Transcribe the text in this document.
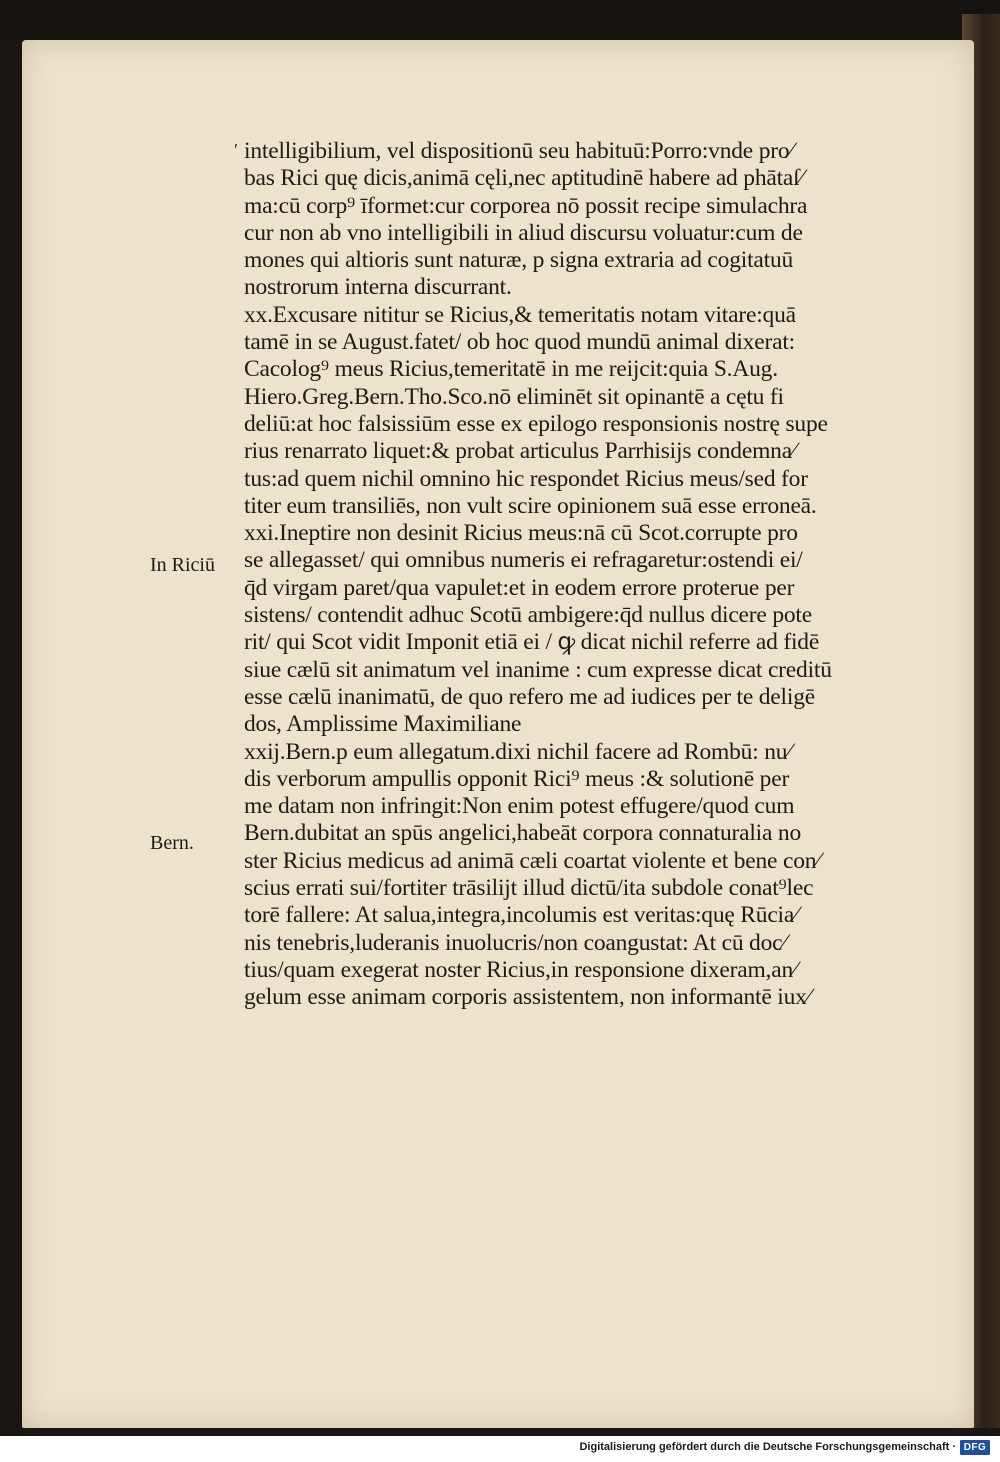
′
In Riciū
Bern.
intelligibilium, vel dispositionū seu habituū:Porro:vnde pro∕
bas Rici quę dicis,animā cęli,nec aptitudinē habere ad phātaſ∕
ma:cū corp⁹ īformet:cur corporea nō possit recipe simulachra
cur non ab vno intelligibili in aliud discursu voluatur:cum de
mones qui altioris sunt naturæ, p signa extraria ad cogitatuū
nostrorum interna discurrant.
xx.Excusare nititur se Ricius,& temeritatis notam vitare:quā
tamē in se August.fatet/ ob hoc quod mundū animal dixerat:
Cacolog⁹ meus Ricius,temeritatē in me reijcit:quia S.Aug.
Hiero.Greg.Bern.Tho.Sco.nō eliminēt sit opinantē a cętu fi
deliū:at hoc falsissiūm esse ex epilogo responsionis nostrę supe
rius renarrato liquet:& probat articulus Parrhisijs condemna∕
tus:ad quem nichil omnino hic respondet Ricius meus/sed for
titer eum transiliēs, non vult scire opinionem suā esse erroneā.
xxi.Ineptire non desinit Ricius meus:nā cū Scot.corrupte pro
se allegasset/ qui omnibus numeris ei refragaretur:ostendi ei/
q̄d virgam paret/qua vapulet:et in eodem errore proterue per
sistens/ contendit adhuc Scotū ambigere:q̄d nullus dicere pote
rit/ qui Scot vidit Imponit etiā ei / ꝙ dicat nichil referre ad fidē
siue cælū sit animatum vel inanime : cum expresse dicat creditū
esse cælū inanimatū, de quo refero me ad iudices per te deligē
dos, Amplissime Maximiliane
xxij.Bern.p eum allegatum.dixi nichil facere ad Rombū: nu∕
dis verborum ampullis opponit Rici⁹ meus :& solutionē per
me datam non infringit:Non enim potest effugere/quod cum
Bern.dubitat an spūs angelici,habeāt corpora connaturalia no
ster Ricius medicus ad animā cæli coartat violente et bene con∕
scius errati sui/fortiter trāsilijt illud dictū/ita subdole conat⁹lec
torē fallere: At salua,integra,incolumis est veritas:quę Rūcia∕
nis tenebris,luderanis inuolucris/non coangustat: At cū doc∕
tius/quam exegerat noster Ricius,in responsione dixeram,an∕
gelum esse animam corporis assistentem, non informantē iux∕
Digitalisierung gefördert durch die Deutsche Forschungsgemeinschaft · DFG
